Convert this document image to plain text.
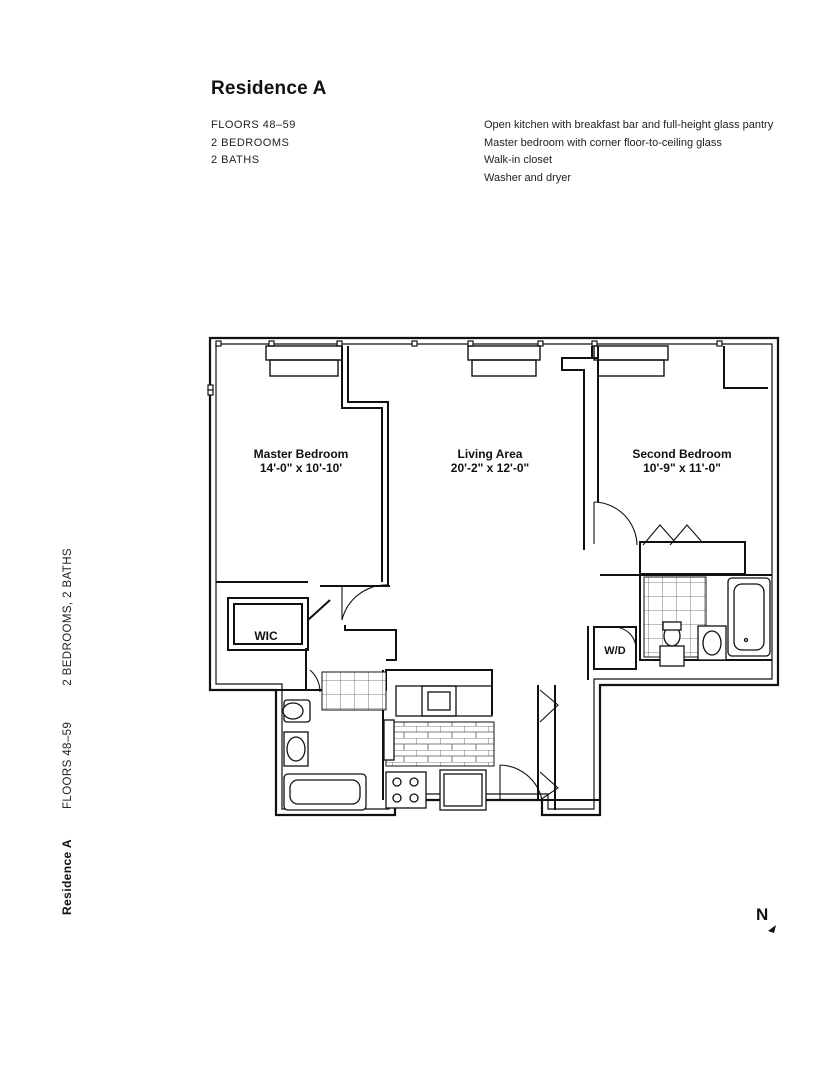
Residence A
FLOORS 48–59
2 BEDROOMS
2 BATHS
Open kitchen with breakfast bar and full-height glass pantry
Master bedroom with corner floor-to-ceiling glass
Walk-in closet
Washer and dryer
Residence AFLOORS 48–592 BEDROOMS, 2 BATHS
Master Bedroom
14'-0" x 10'-10'
Living Area
20'-2" x 12'-0"
Second Bedroom
10'-9" x 11'-0"
WIC
W/D
N
